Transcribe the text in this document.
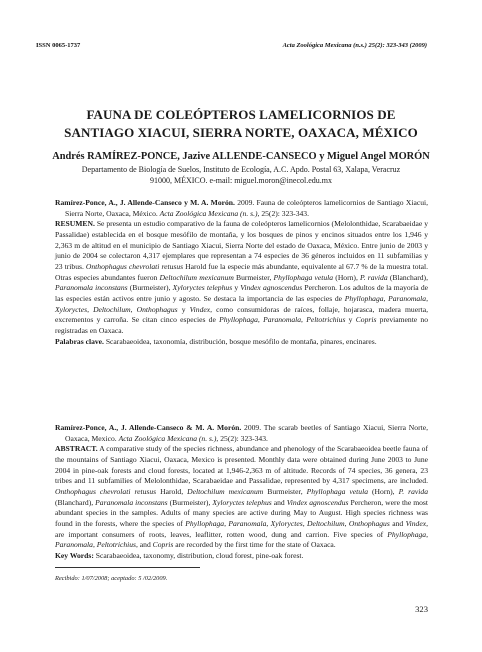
ISSN 0065-1737	Acta Zoológica Mexicana (n.s.) 25(2): 323-343 (2009)
FAUNA DE COLEÓPTEROS LAMELICORNIOS DE
SANTIAGO XIACUI, SIERRA NORTE, OAXACA, MÉXICO
Andrés RAMÍREZ-PONCE, Jazive ALLENDE-CANSECO y Miguel Angel MORÓN
Departamento de Biología de Suelos, Instituto de Ecología, A.C. Apdo. Postal 63, Xalapa, Veracruz
91000, MÉXICO. e-mail: miguel.moron@inecol.edu.mx

Ramírez-Ponce, A., J. Allende-Canseco y M. A. Morón. 2009. Fauna de coleópteros lamelicornios de Santiago Xiacui, Sierra Norte, Oaxaca, México. Acta Zoológica Mexicana (n. s.), 25(2): 323-343.

RESUMEN. Se presenta un estudio comparativo de la fauna de coleópteros lamelicornios (Melolonthidae, Scarabaeidae y Passalidae) establecida en el bosque mesófilo de montaña, y los bosques de pinos y encinos situados entre los 1,946 y 2,363 m de altitud en el municipio de Santiago Xiacui, Sierra Norte del estado de Oaxaca, México. Entre junio de 2003 y junio de 2004 se colectaron 4,317 ejemplares que representan a 74 especies de 36 géneros incluidos en 11 subfamilias y 23 tribus. Onthophagus chevrolati retusus Harold fue la especie más abundante, equivalente al 67.7 % de la muestra total. Otras especies abundantes fueron Deltochilum mexicanum Burmeister, Phyllophaga vetula (Horn), P. ravida (Blanchard), Paranomala inconstans (Burmeister), Xyloryctes telephus y Vindex agnoscendus Percheron. Los adultos de la mayoría de las especies están activos entre junio y agosto. Se destaca la importancia de las especies de Phyllophaga, Paranomala, Xyloryctes, Deltochilum, Onthophagus y Vindex, como consumidoras de raíces, follaje, hojarasca, madera muerta, excrementos y carroña. Se citan cinco especies de Phyllophaga, Paranomala, Peltotrichius y Copris previamente no registradas en Oaxaca.

Palabras clave. Scarabaeoidea, taxonomía, distribución, bosque mesófilo de montaña, pinares, encinares.

Ramírez-Ponce, A., J. Allende-Canseco & M. A. Morón. 2009. The scarab beetles of Santiago Xiacui, Sierra Norte, Oaxaca, Mexico. Acta Zoológica Mexicana (n. s.), 25(2): 323-343.

ABSTRACT. A comparative study of the species richness, abundance and phenology of the Scarabaeoidea beetle fauna of the mountains of Santiago Xiacui, Oaxaca, Mexico is presented. Monthly data were obtained during June 2003 to June 2004 in pine-oak forests and cloud forests, located at 1,946-2,363 m of altitude. Records of 74 species, 36 genera, 23 tribes and 11 subfamilies of Melolonthidae, Scarabaeidae and Passalidae, represented by 4,317 specimens, are included. Onthophagus chevrolati retusus Harold, Deltochilum mexicanum Burmeister, Phyllophaga vetula (Horn), P. ravida (Blanchard), Paranomala inconstans (Burmeister), Xyloryctes telephus and Vindex agnoscendus Percheron, were the most abundant species in the samples. Adults of many species are active during May to August. High species richness was found in the forests, where the species of Phyllophaga, Paranomala, Xyloryctes, Deltochilum, Onthophagus and Vindex, are important consumers of roots, leaves, leaflitter, rotten wood, dung and carrion. Five species of Phyllophaga, Paranomala, Peltotrichius, and Copris are recorded by the first time for the state of Oaxaca.

Key Words: Scarabaeoidea, taxonomy, distribution, cloud forest, pine-oak forest.

Recibido: 1/07/2008; aceptado: 5 /02/2009.
323
